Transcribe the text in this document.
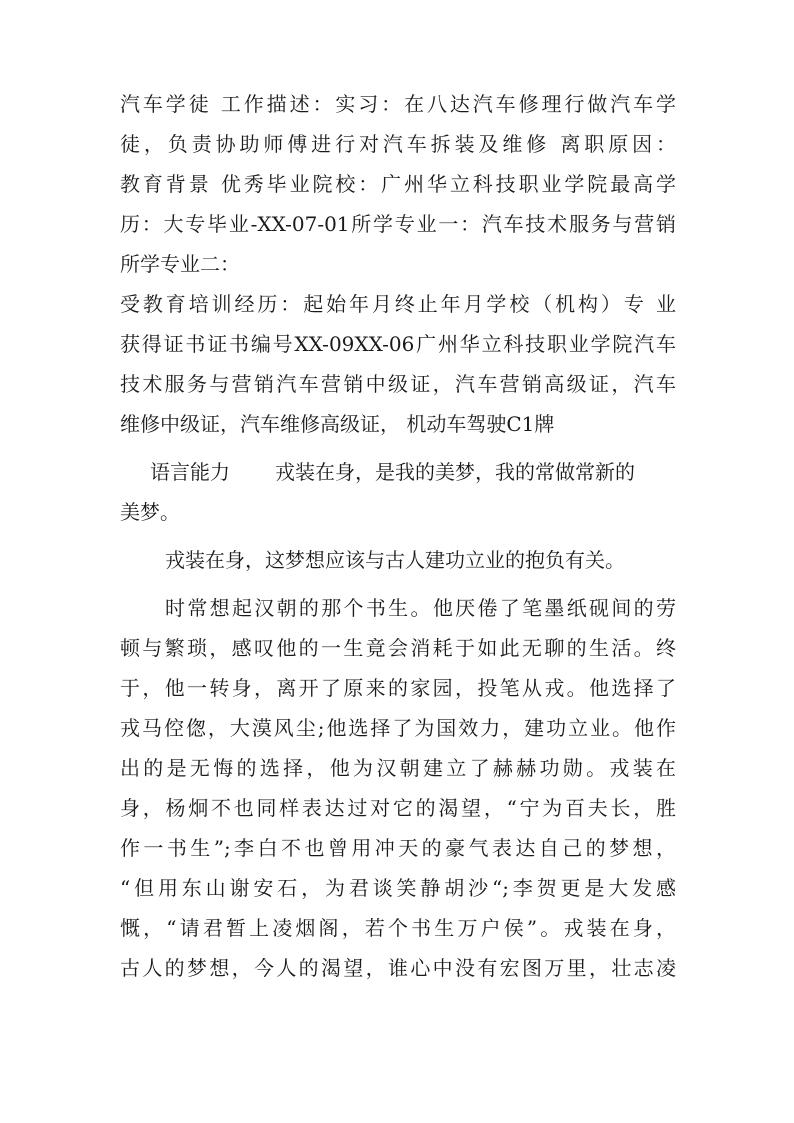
汽车学徒 工作描述：实习：在八达汽车修理行做汽车学
徒，负责协助师傅进行对汽车拆装及维修 离职原因：
教育背景 优秀毕业院校：广州华立科技职业学院最高学
历：大专毕业-XX-07-01所学专业一：汽车技术服务与营销
所学专业二：
受教育培训经历：起始年月终止年月学校（机构）专 业
获得证书证书编号XX-09XX-06广州华立科技职业学院汽车
技术服务与营销汽车营销中级证，汽车营销高级证，汽车
维修中级证，汽车维修高级证， 机动车驾驶C1牌
语言能力 戎装在身，是我的美梦，我的常做常新的
美梦。
戎装在身，这梦想应该与古人建功立业的抱负有关。
时常想起汉朝的那个书生。他厌倦了笔墨纸砚间的劳
顿与繁琐，感叹他的一生竟会消耗于如此无聊的生活。终
于，他一转身，离开了原来的家园，投笔从戎。他选择了
戎马倥偬，大漠风尘;他选择了为国效力，建功立业。他作
出的是无悔的选择，他为汉朝建立了赫赫功勋。戎装在
身，杨炯不也同样表达过对它的渴望，“宁为百夫长，胜
作一书生”;李白不也曾用冲天的豪气表达自己的梦想，
“但用东山谢安石，为君谈笑静胡沙“;李贺更是大发感
慨，“请君暂上凌烟阁，若个书生万户侯”。戎装在身，
古人的梦想，今人的渴望，谁心中没有宏图万里，壮志凌
